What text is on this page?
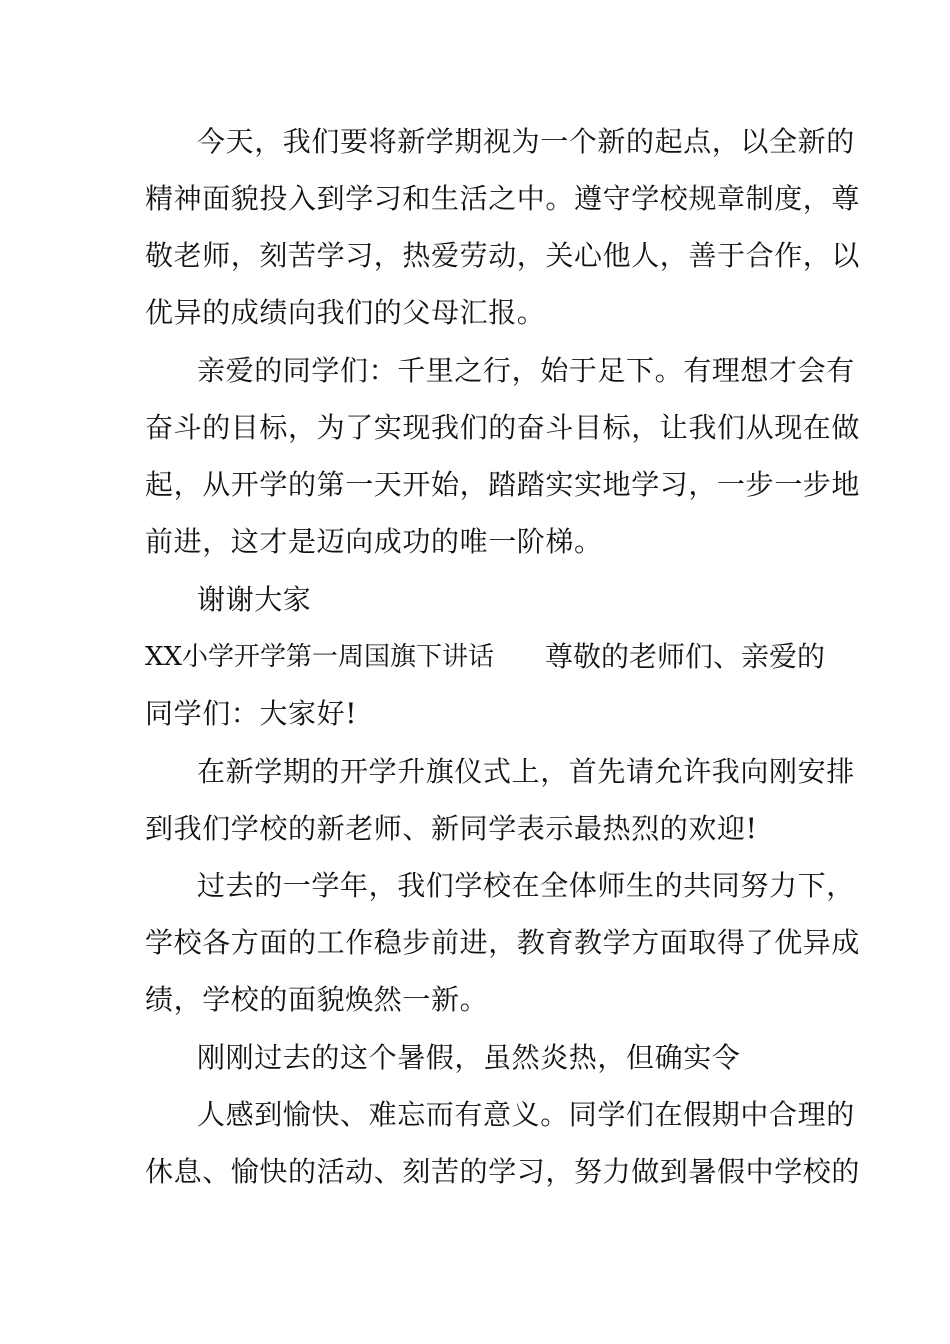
今天，我们要将新学期视为一个新的起点，以全新的
精神面貌投入到学习和生活之中。遵守学校规章制度，尊
敬老师，刻苦学习，热爱劳动，关心他人，善于合作，以
优异的成绩向我们的父母汇报。
亲爱的同学们：千里之行，始于足下。有理想才会有
奋斗的目标，为了实现我们的奋斗目标，让我们从现在做
起，从开学的第一天开始，踏踏实实地学习，一步一步地
前进，这才是迈向成功的唯一阶梯。
谢谢大家
XX小学开学第一周国旗下讲话 尊敬的老师们、亲爱的
同学们：大家好!
在新学期的开学升旗仪式上，首先请允许我向刚安排
到我们学校的新老师、新同学表示最热烈的欢迎!
过去的一学年，我们学校在全体师生的共同努力下，
学校各方面的工作稳步前进，教育教学方面取得了优异成
绩，学校的面貌焕然一新。
刚刚过去的这个暑假，虽然炎热，但确实令
人感到愉快、难忘而有意义。同学们在假期中合理的
休息、愉快的活动、刻苦的学习，努力做到暑假中学校的
